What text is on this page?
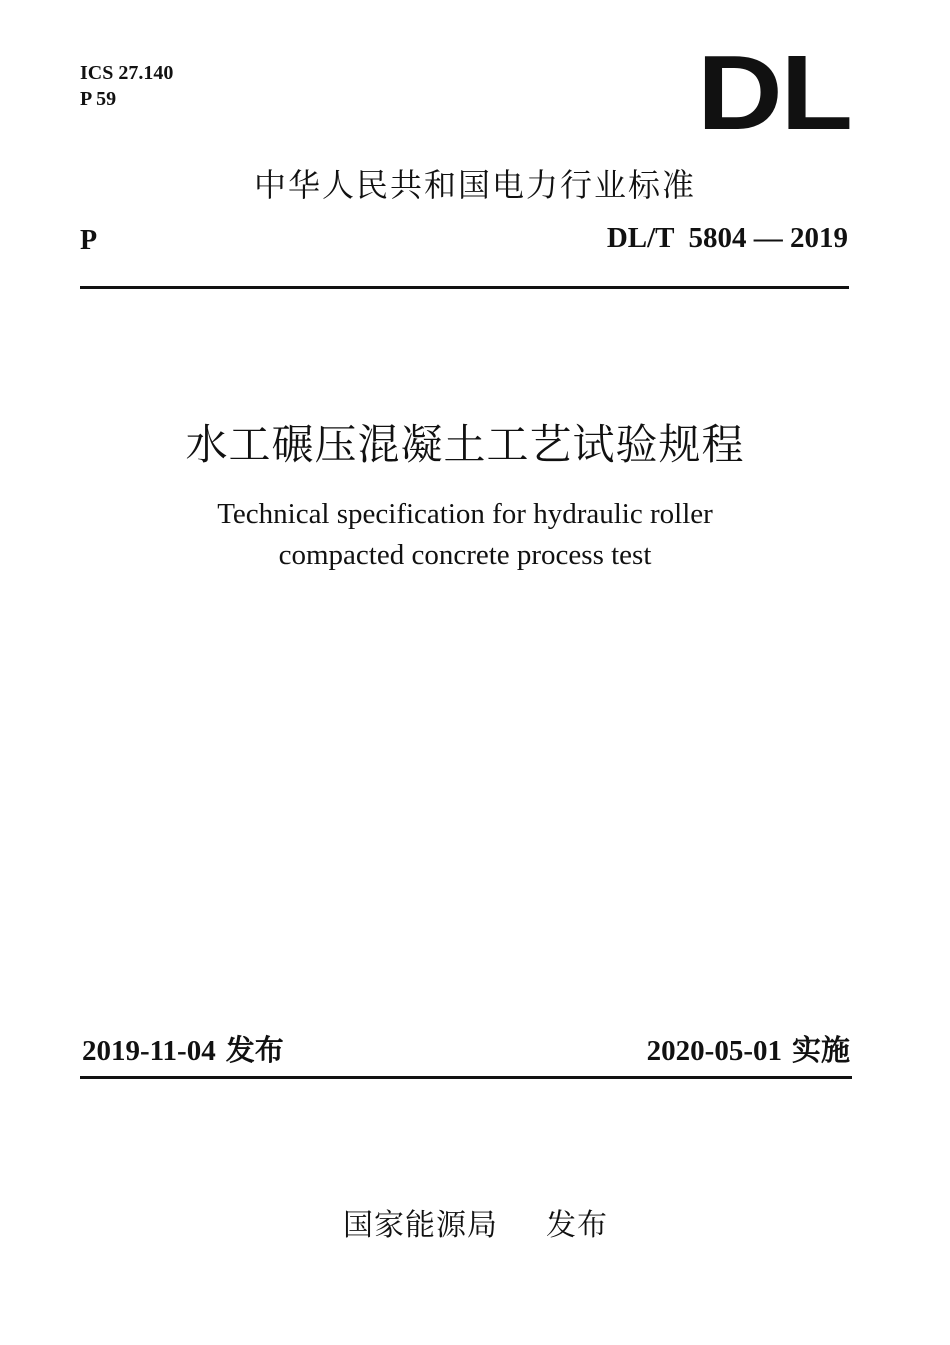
ICS 27.140
P 59	DL
中华人民共和国电力行业标准
P	DL/T  5804 — 2019
水工碾压混凝土工艺试验规程
Technical specification for hydraulic roller
compacted concrete process test
2019-11-04 发布	2020-05-01 实施

国家能源局 发布
